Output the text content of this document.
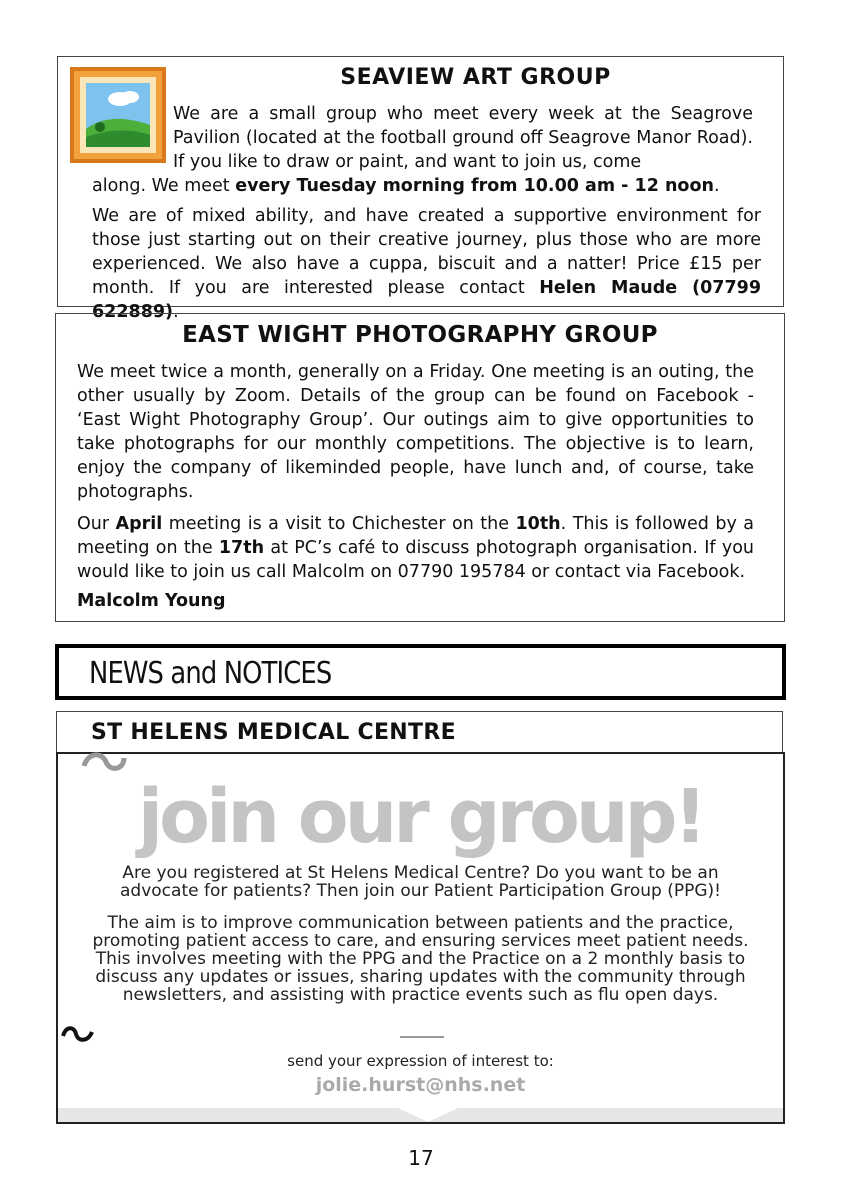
SEAVIEW ART GROUP

We are a small group who meet every week at the Seagrove Pavilion (located at the football ground off Seagrove Manor Road). If you like to draw or paint, and want to join us, come

along. We meet every Tuesday morning from 10.00 am - 12 noon.

We are of mixed ability, and have created a supportive environment for those just starting out on their creative journey, plus those who are more experienced. We also have a cuppa, biscuit and a natter! Price £15 per month. If you are interested please contact Helen Maude (07799 622889).

EAST WIGHT PHOTOGRAPHY GROUP

We meet twice a month, generally on a Friday. One meeting is an outing, the other usually by Zoom. Details of the group can be found on Facebook - ‘East Wight Photography Group’. Our outings aim to give opportunities to take photographs for our monthly competitions. The objective is to learn, enjoy the company of likeminded people, have lunch and, of course, take photographs.

Our April meeting is a visit to Chichester on the 10th. This is followed by a meeting on the 17th at PC’s café to discuss photograph organisation. If you would like to join us call Malcolm on 07790 195784 or contact via Facebook.

Malcolm Young
NEWS and NOTICES
ST HELENS MEDICAL CENTRE
join our group!

Are you registered at St Helens Medical Centre? Do you want to be an advocate for patients? Then join our Patient Participation Group (PPG)!

The aim is to improve communication between patients and the practice, promoting patient access to care, and ensuring services meet patient needs. This involves meeting with the PPG and the Practice on a 2 monthly basis to discuss any updates or issues, sharing updates with the community through newsletters, and assisting with practice events such as flu open days.

send your expression of interest to:

jolie.hurst@nhs.net

17
